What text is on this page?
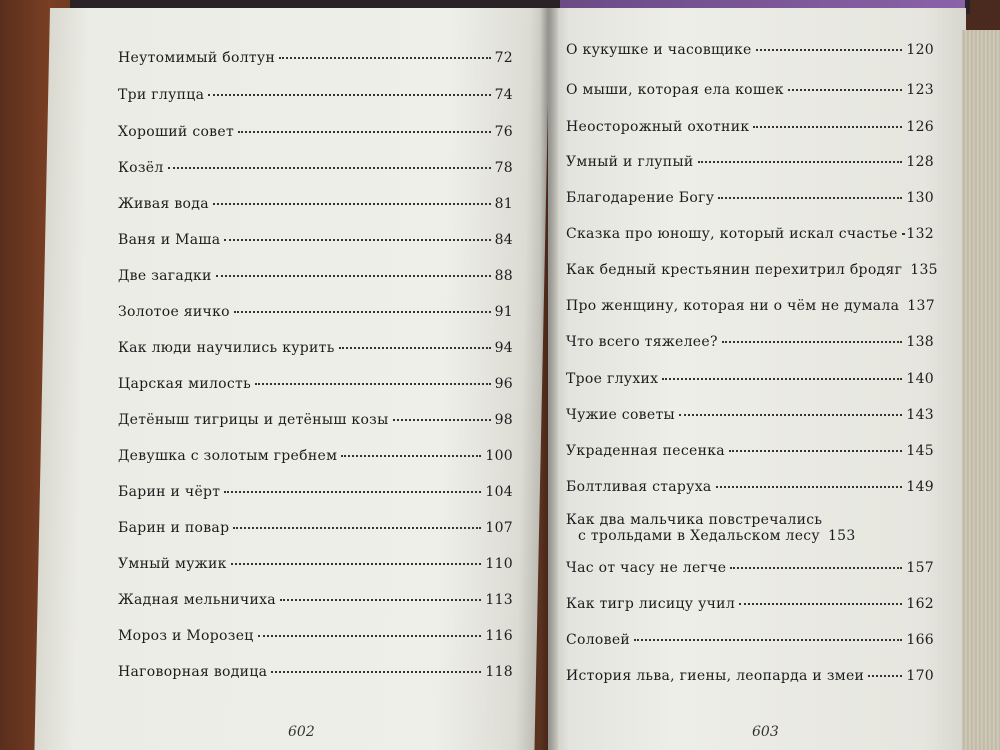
Неутомимый болтун	72
Три глупца	74
Хороший совет	76
Козёл	78
Живая вода	81
Ваня и Маша	84
Две загадки	88
Золотое яичко	91
Как люди научились курить	94
Царская милость	96
Детёныш тигрицы и детёныш козы	98
Девушка с золотым гребнем	100
Барин и чёрт	104
Барин и повар	107
Умный мужик	110
Жадная мельничиха	113
Мороз и Морозец	116
Наговорная водица	118
О кукушке и часовщике	120
О мыши, которая ела кошек	123
Неосторожный охотник	126
Умный и глупый	128
Благодарение Богу	130
Сказка про юношу, который искал счастье 132
Как бедный крестьянин перехитрил бродяг 135
Про женщину, которая ни о чём не думала 137
Что всего тяжелее?	138
Трое глухих	140
Чужие советы	143
Украденная песенка	145
Болтливая старуха	149
Как два мальчика повстречались
с трольдами в Хедальском лесу 153
Час от часу не легче	157
Как тигр лисицу учил	162
Соловей	166
История льва, гиены, леопарда и змеи	170
602	603
